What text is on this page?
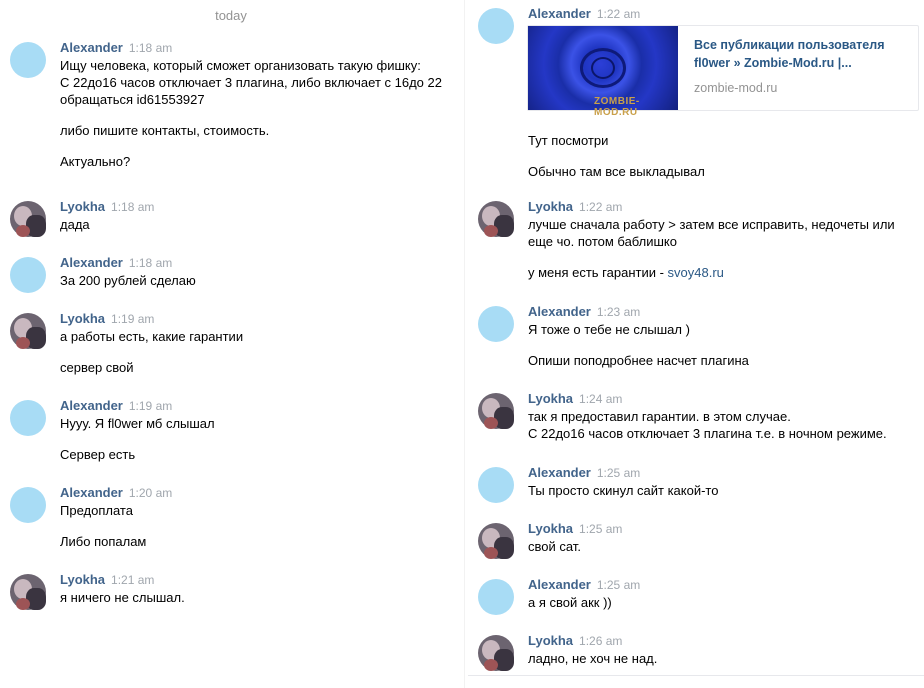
today
Alexander 1:18 am
Ищу человека, который сможет организовать такую фишку:
С 22до16 часов отключает 3 плагина, либо включает с 16до 22
обращаться id61553927
либо пишите контакты, стоимость.
Актуально?
Lyokha 1:18 am
дада
Alexander 1:18 am
За 200 рублей сделаю
Lyokha 1:19 am
а работы есть, какие гарантии
сервер свой
Alexander 1:19 am
Нууу. Я fl0wer мб слышал
Сервер есть
Alexander 1:20 am
Предоплата
Либо попалам
Lyokha 1:21 am
я ничего не слышал.
Alexander 1:22 am
ZOMBIE-MOD.RU
Все публикации пользователя fl0wer » Zombie-Mod.ru |...
zombie-mod.ru
Тут посмотри
Обычно там все выкладывал
Lyokha 1:22 am
лучше сначала работу > затем все исправить, недочеты или еще чо. потом баблишко
у меня есть гарантии - svoy48.ru
Alexander 1:23 am
Я тоже о тебе не слышал )
Опиши поподробнее насчет плагина
Lyokha 1:24 am
так я предоставил гарантии. в этом случае.
С 22до16 часов отключает 3 плагина т.е. в ночном режиме.
Alexander 1:25 am
Ты просто скинул сайт какой-то
Lyokha 1:25 am
свой сат.
Alexander 1:25 am
а я свой акк ))
Lyokha 1:26 am
ладно, не хоч не над.
